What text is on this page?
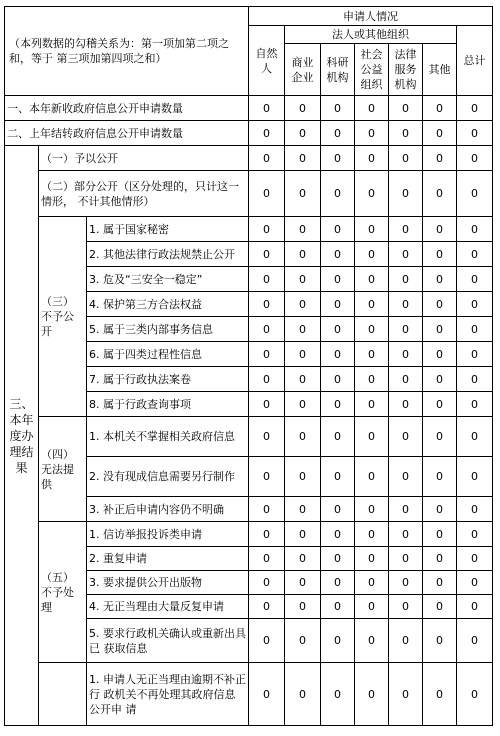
（本列数据的勾稽关系为：第一项加第二项之和，等于 第三项加第四项之和）			申请人情况						
			自然人	法人或其他组织					总计
				商业企业	科研机构	社会公益组织	法律服务机构	其他	
一、本年新收政府信息公开申请数量			0	0	0	0	0	0	0
二、上年结转政府信息公开申请数量			0	0	0	0	0	0	0
三、本年度办理结果	（一）予以公开		0	0	0	0	0	0	0
	（二）部分公开（区分处理的，只计这一情形， 不计其他情形）		0	0	0	0	0	0	0
	（三）不予公开	1. 属于国家秘密	0	0	0	0	0	0	0
		2. 其他法律行政法规禁止公开	0	0	0	0	0	0	0
		3. 危及“三安全一稳定”	0	0	0	0	0	0	0
		4. 保护第三方合法权益	0	0	0	0	0	0	0
		5. 属于三类内部事务信息	0	0	0	0	0	0	0
		6. 属于四类过程性信息	0	0	0	0	0	0	0
		7. 属于行政执法案卷	0	0	0	0	0	0	0
		8. 属于行政查询事项	0	0	0	0	0	0	0
	（四）无法提供	1. 本机关不掌握相关政府信息	0	0	0	0	0	0	0
		2. 没有现成信息需要另行制作	0	0	0	0	0	0	0
		3. 补正后申请内容仍不明确	0	0	0	0	0	0	0
	（五）不予处理	1. 信访举报投诉类申请	0	0	0	0	0	0	0
		2. 重复申请	0	0	0	0	0	0	0
		3. 要求提供公开出版物	0	0	0	0	0	0	0
		4. 无正当理由大量反复申请	0	0	0	0	0	0	0
		5. 要求行政机关确认或重新出具已 获取信息	0	0	0	0	0	0	0
		1. 申请人无正当理由逾期不补正行 政机关不再处理其政府信息公开申 请	0	0	0	0	0	0	0
